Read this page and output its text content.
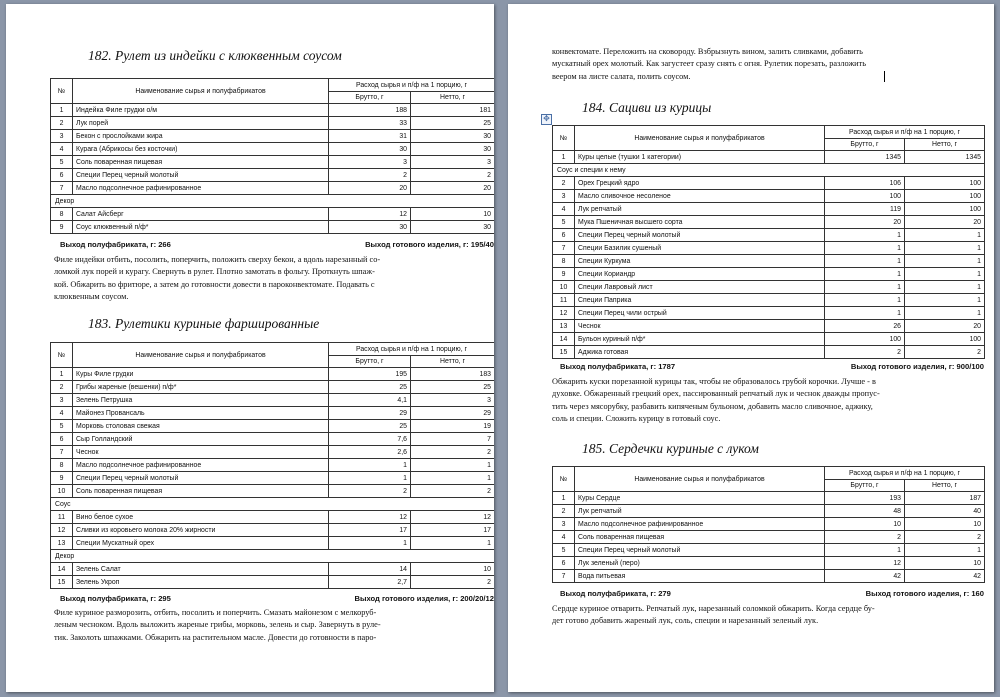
182. Рулет из индейки с клюквенным соусом
№	Наименование сырья и полуфабрикатов	Расход сырья и п/ф на 1 порцию, г	
		Брутто, г	Нетто, г
1	Индейка Филе грудки о/м	188	181
2	Лук порей	33	25
3	Бекон с прослойками жира	31	30
4	Курага (Абрикосы без косточки)	30	30
5	Соль поваренная пищевая	3	3
6	Специи Перец черный молотый	2	2
7	Масло подсолнечное рафинированное	20	20
Декор			
8	Салат Айсберг	12	10
9	Соус клюквенный п/ф*	30	30
Выход полуфабриката, г: 266	Выход готового изделия, г: 195/40
Филе индейки отбить, посолить, поперчить, положить сверху бекон, а вдоль нарезанный со-
ломкой лук порей и курагу. Свернуть в рулет. Плотно замотать в фольгу. Проткнуть шпаж-
кой. Обжарить во фритюре, а затем до готовности довести в пароконвектомате. Подавать с
клюквенным соусом.
183. Рулетики куриные фаршированные
№	Наименование сырья и полуфабрикатов	Расход сырья и п/ф на 1 порцию, г	
		Брутто, г	Нетто, г
1	Куры Филе грудки	195	183
2	Грибы жареные (вешенки) п/ф*	25	25
3	Зелень Петрушка	4,1	3
4	Майонез Провансаль	29	29
5	Морковь столовая свежая	25	19
6	Сыр Голландский	7,6	7
7	Чеснок	2,6	2
8	Масло подсолнечное рафинированное	1	1
9	Специи Перец черный молотый	1	1
10	Соль поваренная пищевая	2	2
Соус			
11	Вино белое сухое	12	12
12	Сливки из коровьего молока 20% жирности	17	17
13	Специи Мускатный орех	1	1
Декор			
14	Зелень Салат	14	10
15	Зелень Укроп	2,7	2
Выход полуфабриката, г: 295	Выход готового изделия, г: 200/20/12
Филе куриное разморозить, отбить, посолить и поперчить. Смазать майонезом с мелкоруб-
леным чесноком. Вдоль выложить жареные грибы, морковь, зелень и сыр. Завернуть в руле-
тик. Заколоть шпажками. Обжарить на растительном масле. Довести до готовности в паро-
конвектомате. Переложить на сковороду. Взбрызнуть вином, залить сливками, добавить
мускатный орех молотый. Как загустеет сразу снять с огня. Рулетик порезать, разложить
веером на листе салата, полить соусом.
184. Сациви из курицы
✥
№	Наименование сырья и полуфабрикатов	Расход сырья и п/ф на 1 порцию, г	
		Брутто, г	Нетто, г
1	Куры целые (тушки 1 категории)	1345	1345
Соус и специи к нему			
2	Орех Грецкий ядро	106	100
3	Масло сливочное несоленое	100	100
4	Лук репчатый	119	100
5	Мука Пшеничная высшего сорта	20	20
6	Специи Перец черный молотый	1	1
7	Специи Базилик сушеный	1	1
8	Специи Куркума	1	1
9	Специи Кориандр	1	1
10	Специи Лавровый лист	1	1
11	Специи Паприка	1	1
12	Специи Перец чили острый	1	1
13	Чеснок	26	20
14	Бульон куриный п/ф*	100	100
15	Аджика готовая	2	2
Выход полуфабриката, г: 1787	Выход готового изделия, г: 900/100
Обжарить куски порезанной курицы так, чтобы не образовалось грубой корочки. Лучше - в
духовке. Обжаренный грецкий орех, пассированный репчатый лук и чеснок дважды пропус-
тить через мясорубку, разбавить кипяченым бульоном, добавить масло сливочное, аджику,
соль и специи. Сложить курицу в готовый соус.
185. Сердечки куриные с луком
№	Наименование сырья и полуфабрикатов	Расход сырья и п/ф на 1 порцию, г	
		Брутто, г	Нетто, г
1	Куры Сердце	193	187
2	Лук репчатый	48	40
3	Масло подсолнечное рафинированное	10	10
4	Соль поваренная пищевая	2	2
5	Специи Перец черный молотый	1	1
6	Лук зеленый (перо)	12	10
7	Вода питьевая	42	42
Выход полуфабриката, г: 279	Выход готового изделия, г: 160
Сердце куриное отварить. Репчатый лук, нарезанный соломкой обжарить. Когда сердце бу-
дет готово добавить жареный лук, соль, специи и нарезанный зеленый лук.
